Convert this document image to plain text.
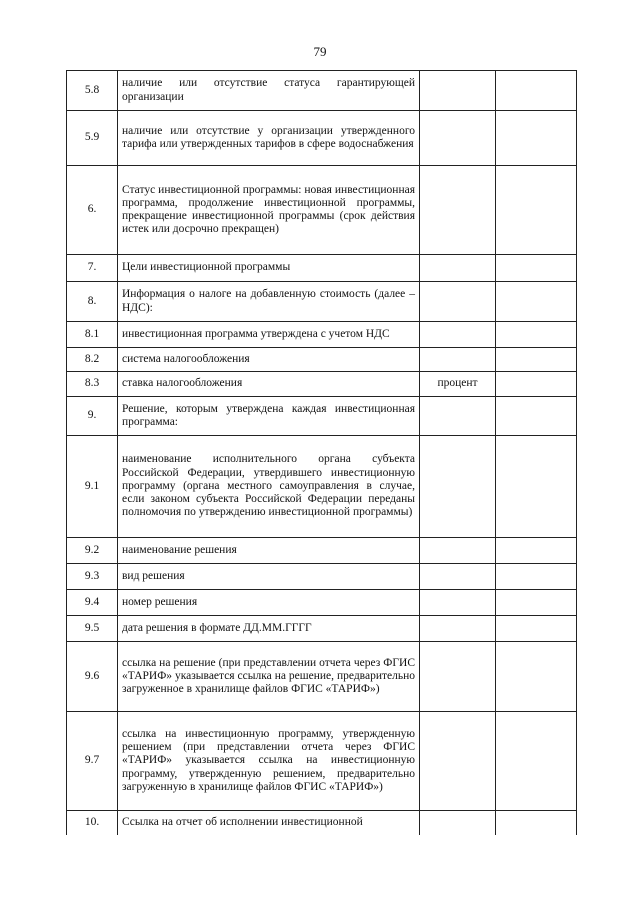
79
5.8	наличие или отсутствие статуса гарантирующей организации		
5.9	наличие или отсутствие у организации утвержденного тарифа или утвержденных тарифов в сфере водоснабжения		
6.	Статус инвестиционной программы: новая инвестиционная программа, продолжение инвестиционной программы, прекращение инвестиционной программы (срок действия истек или досрочно прекращен)		
7.	Цели инвестиционной программы		
8.	Информация о налоге на добавленную стоимость (далее – НДС):		
8.1	инвестиционная программа утверждена с учетом НДС		
8.2	система налогообложения		
8.3	ставка налогообложения	процент	
9.	Решение, которым утверждена каждая инвестиционная программа:		
9.1	наименование исполнительного органа субъекта Российской Федерации, утвердившего инвестиционную программу (органа местного самоуправления в случае, если законом субъекта Российской Федерации переданы полномочия по утверждению инвестиционной программы)		
9.2	наименование решения		
9.3	вид решения		
9.4	номер решения		
9.5	дата решения в формате ДД.ММ.ГГГГ		
9.6	ссылка на решение (при представлении отчета через ФГИС «ТАРИФ» указывается ссылка на решение, предварительно загруженное в хранилище файлов ФГИС «ТАРИФ»)		
9.7	ссылка на инвестиционную программу, утвержденную решением (при представлении отчета через ФГИС «ТАРИФ» указывается ссылка на инвестиционную программу, утвержденную решением, предварительно загруженную в хранилище файлов ФГИС «ТАРИФ»)		
10.	Ссылка на отчет об исполнении инвестиционной		
